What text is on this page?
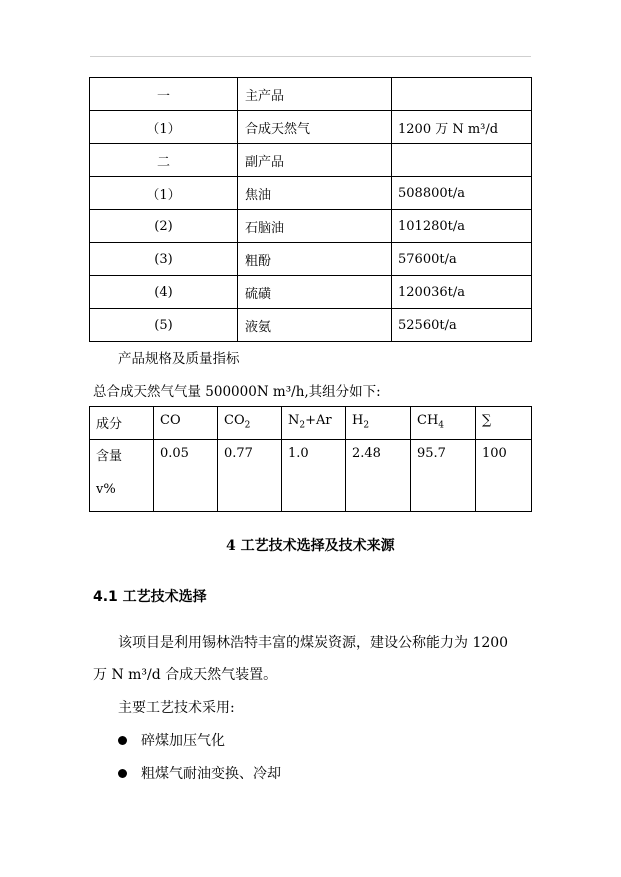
一	主产品	
（1）	合成天然气	1200 万 N m³/d
二	副产品	
（1）	焦油	508800t/a
(2)	石脑油	101280t/a
(3)	粗酚	57600t/a
(4)	硫磺	120036t/a
(5)	液氨	52560t/a
产品规格及质量指标
总合成天然气气量 500000N m³/h,其组分如下:
成分	CO	$CO_2$	$N_2+Ar$	$H_2$	$CH_4$	∑
含量
v%	0.05	0.77	1.0	2.48	95.7	100
4 工艺技术选择及技术来源
4.1 工艺技术选择
该项目是利用锡林浩特丰富的煤炭资源，建设公称能力为 1200
万 N m³/d 合成天然气装置。
主要工艺技术采用:
碎煤加压气化
粗煤气耐油变换、冷却
